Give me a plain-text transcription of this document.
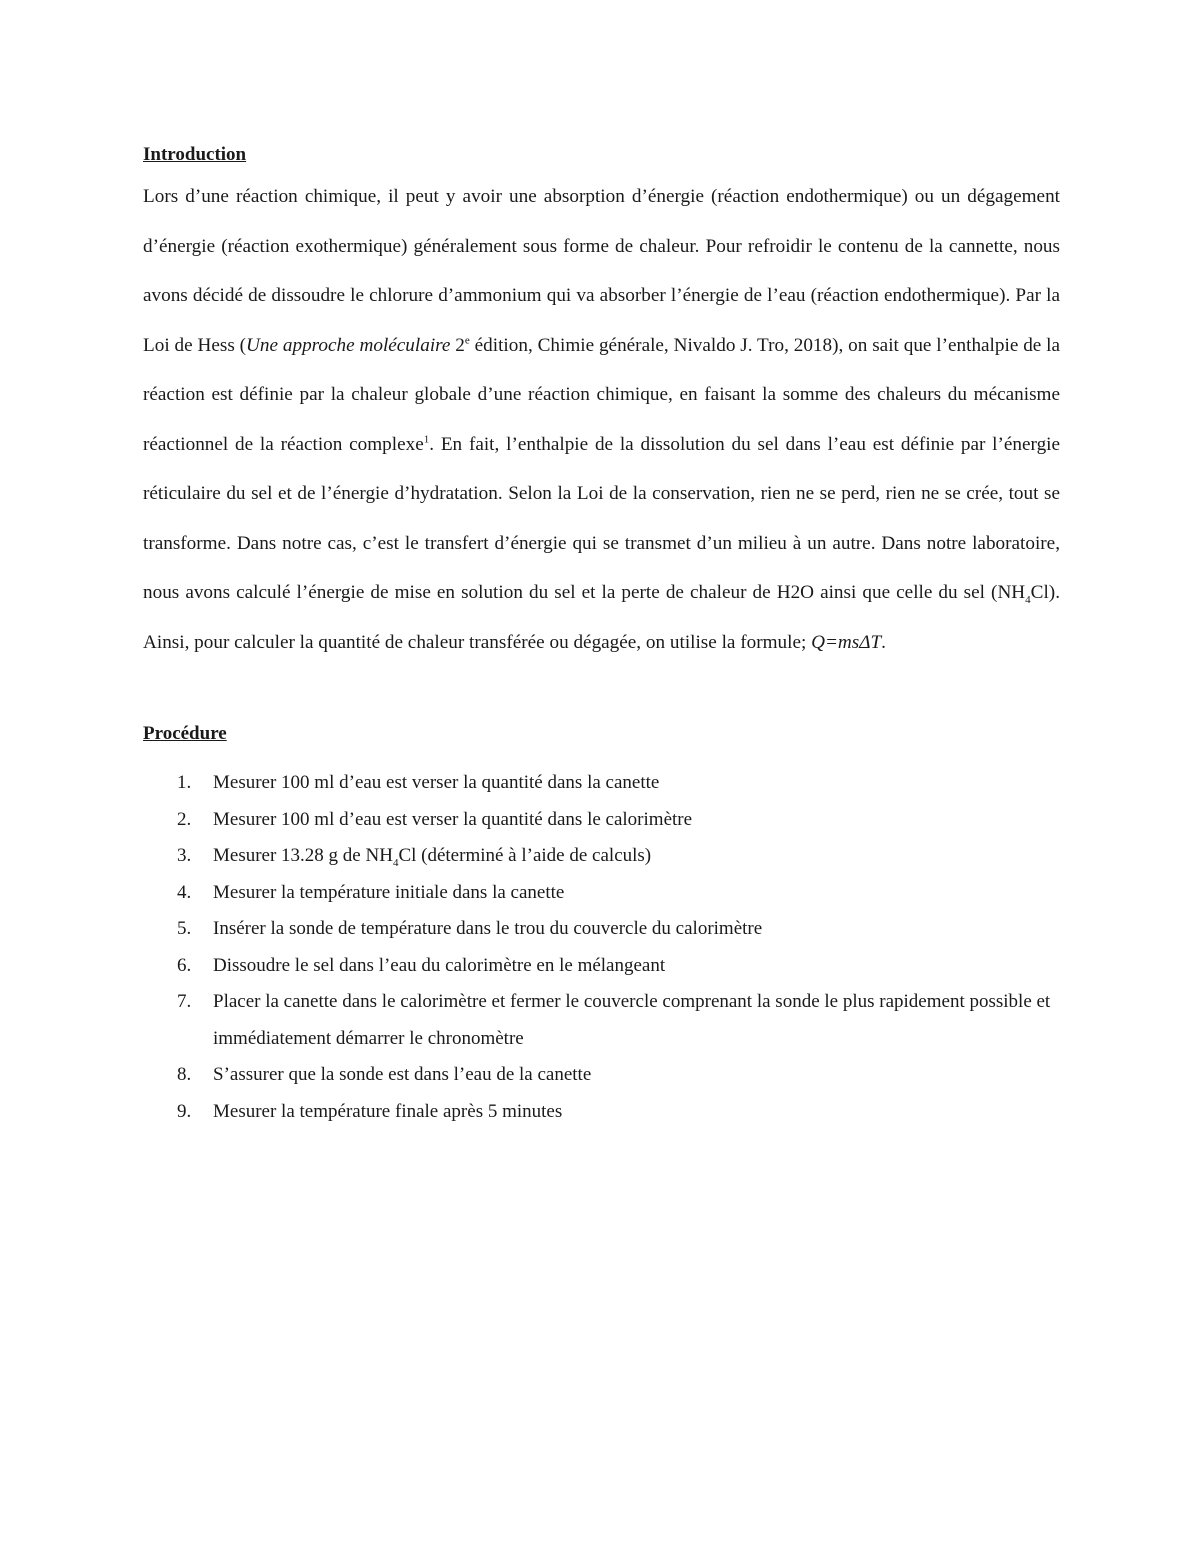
Introduction

Lors d’une réaction chimique, il peut y avoir une absorption d’énergie (réaction endothermique) ou un dégagement d’énergie (réaction exothermique) généralement sous forme de chaleur. Pour refroidir le contenu de la cannette, nous avons décidé de dissoudre le chlorure d’ammonium qui va absorber l’énergie de l’eau (réaction endothermique). Par la Loi de Hess (Une approche moléculaire 2e édition, Chimie générale, Nivaldo J. Tro, 2018), on sait que l’enthalpie de la réaction est définie par la chaleur globale d’une réaction chimique, en faisant la somme des chaleurs du mécanisme réactionnel de la réaction complexe$^1$. En fait, l’enthalpie de la dissolution du sel dans l’eau est définie par l’énergie réticulaire du sel et de l’énergie d’hydratation. Selon la Loi de la conservation, rien ne se perd, rien ne se crée, tout se transforme. Dans notre cas, c’est le transfert d’énergie qui se transmet d’un milieu à un autre. Dans notre laboratoire, nous avons calculé l’énergie de mise en solution du sel et la perte de chaleur de H2O ainsi que celle du sel $(NH_4Cl)$. Ainsi, pour calculer la quantité de chaleur transférée ou dégagée, on utilise la formule; Q=msΔT.

Procédure
1.	Mesurer 100 ml d’eau est verser la quantité dans la canette
2.	Mesurer 100 ml d’eau est verser la quantité dans le calorimètre
3.	Mesurer 13.28 g de $NH_4Cl$ (déterminé à l’aide de calculs)
4.	Mesurer la température initiale dans la canette
5.	Insérer la sonde de température dans le trou du couvercle du calorimètre
6.	Dissoudre le sel dans l’eau du calorimètre en le mélangeant
7.	Placer la canette dans le calorimètre et fermer le couvercle comprenant la sonde le plus rapidement possible et immédiatement démarrer le chronomètre
8.	S’assurer que la sonde est dans l’eau de la canette
9.	Mesurer la température finale après 5 minutes
